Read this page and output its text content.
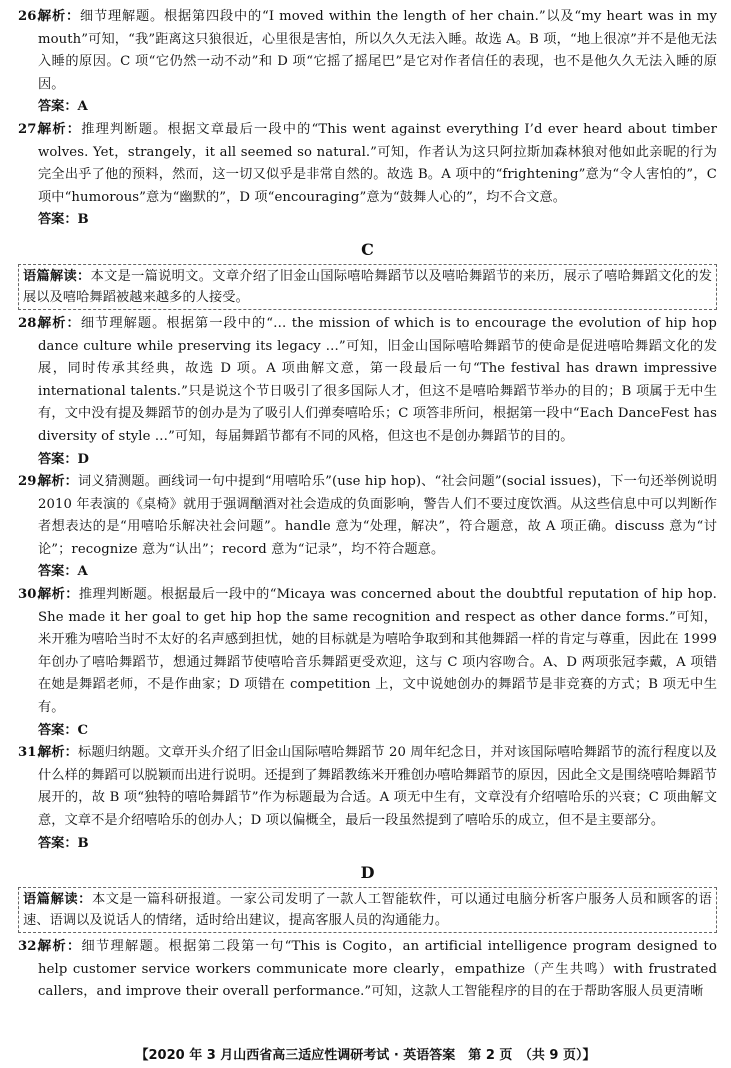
26.

解析：细节理解题。根据第四段中的“I moved within the length of her chain.”以及“my heart was in my mouth”可知，“我”距离这只狼很近，心里很是害怕，所以久久无法入睡。故选 A。B 项，“地上很凉”并不是他无法入睡的原因。C 项“它仍然一动不动”和 D 项“它摇了摇尾巴”是它对作者信任的表现，也不是他久久无法入睡的原因。

答案：A

27.

解析：推理判断题。根据文章最后一段中的“This went against everything I’d ever heard about timber wolves. Yet，strangely，it all seemed so natural.”可知，作者认为这只阿拉斯加森林狼对他如此亲昵的行为完全出乎了他的预料，然而，这一切又似乎是非常自然的。故选 B。A 项中的“frightening”意为“令人害怕的”，C 项中“humorous”意为“幽默的”，D 项“encouraging”意为“鼓舞人心的”，均不合文意。

答案：B

C

语篇解读：本文是一篇说明文。文章介绍了旧金山国际嘻哈舞蹈节以及嘻哈舞蹈节的来历，展示了嘻哈舞蹈文化的发展以及嘻哈舞蹈被越来越多的人接受。

28.

解析：细节理解题。根据第一段中的“… the mission of which is to encourage the evolution of hip hop dance culture while preserving its legacy …”可知，旧金山国际嘻哈舞蹈节的使命是促进嘻哈舞蹈文化的发展，同时传承其经典，故选 D 项。A 项曲解文意，第一段最后一句“The festival has drawn impressive international talents.”只是说这个节日吸引了很多国际人才，但这不是嘻哈舞蹈节举办的目的；B 项属于无中生有，文中没有提及舞蹈节的创办是为了吸引人们弹奏嘻哈乐；C 项答非所问，根据第一段中“Each DanceFest has diversity of style …”可知，每届舞蹈节都有不同的风格，但这也不是创办舞蹈节的目的。

答案：D

29.

解析：词义猜测题。画线词一句中提到“用嘻哈乐”(use hip hop)、“社会问题”(social issues)，下一句还举例说明 2010 年表演的《桌椅》就用于强调酗酒对社会造成的负面影响，警告人们不要过度饮酒。从这些信息中可以判断作者想表达的是“用嘻哈乐解决社会问题”。handle 意为“处理，解决”，符合题意，故 A 项正确。discuss 意为“讨论”；recognize 意为“认出”；record 意为“记录”，均不符合题意。

答案：A

30.

解析：推理判断题。根据最后一段中的“Micaya was concerned about the doubtful reputation of hip hop. She made it her goal to get hip hop the same recognition and respect as other dance forms.”可知，米开雅为嘻哈当时不太好的名声感到担忧，她的目标就是为嘻哈争取到和其他舞蹈一样的肯定与尊重，因此在 1999 年创办了嘻哈舞蹈节，想通过舞蹈节使嘻哈音乐舞蹈更受欢迎，这与 C 项内容吻合。A、D 两项张冠李戴，A 项错在她是舞蹈老师，不是作曲家；D 项错在 competition 上，文中说她创办的舞蹈节是非竞赛的方式；B 项无中生有。

答案：C

31.

解析：标题归纳题。文章开头介绍了旧金山国际嘻哈舞蹈节 20 周年纪念日，并对该国际嘻哈舞蹈节的流行程度以及什么样的舞蹈可以脱颖而出进行说明。还提到了舞蹈教练米开雅创办嘻哈舞蹈节的原因，因此全文是围绕嘻哈舞蹈节展开的，故 B 项“独特的嘻哈舞蹈节”作为标题最为合适。A 项无中生有，文章没有介绍嘻哈乐的兴衰；C 项曲解文意，文章不是介绍嘻哈乐的创办人；D 项以偏概全，最后一段虽然提到了嘻哈乐的成立，但不是主要部分。

答案：B

D

语篇解读：本文是一篇科研报道。一家公司发明了一款人工智能软件，可以通过电脑分析客户服务人员和顾客的语速、语调以及说话人的情绪，适时给出建议，提高客服人员的沟通能力。

32.

解析：细节理解题。根据第二段第一句“This is Cogito，an artificial intelligence program designed to help customer service workers communicate more clearly，empathize（产生共鸣）with frustrated callers，and improve their overall performance.”可知，这款人工智能程序的目的在于帮助客服人员更清晰

【2020 年 3 月山西省高三适应性调研考试 · 英语答案　第 2 页　（共 9 页）】
